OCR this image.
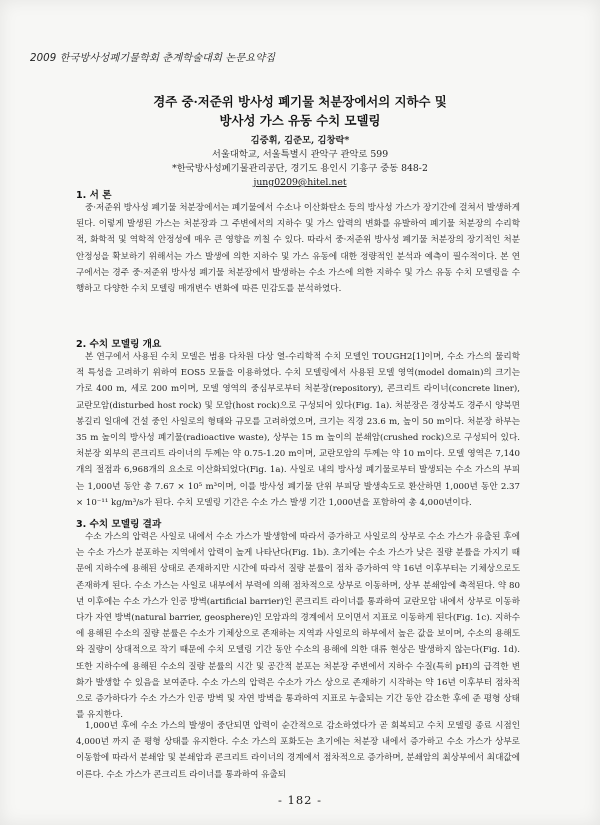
2009 한국방사성폐기물학회 춘계학술대회 논문요약집
경주 중·저준위 방사성 폐기물 처분장에서의 지하수 및
방사성 가스 유동 수치 모델링
김중휘, 김준모, 김창락*
서울대학교, 서울특별시 관악구 관악로 599
*한국방사성폐기물관리공단, 경기도 용인시 기흥구 중동 848-2
jung0209@hitel.net
1. 서 론

중·저준위 방사성 폐기물 처분장에서는 폐기물에서 수소나 이산화탄소 등의 방사성 가스가 장기간에 걸쳐서 발생하게 된다. 이렇게 발생된 가스는 처분장과 그 주변에서의 지하수 및 가스 압력의 변화를 유발하여 폐기물 처분장의 수리학적, 화학적 및 역학적 안정성에 매우 큰 영향을 끼칠 수 있다. 따라서 중·저준위 방사성 폐기물 처분장의 장기적인 처분 안정성을 확보하기 위해서는 가스 발생에 의한 지하수 및 가스 유동에 대한 정량적인 분석과 예측이 필수적이다. 본 연구에서는 경주 중·저준위 방사성 폐기물 처분장에서 발생하는 수소 가스에 의한 지하수 및 가스 유동 수치 모델링을 수행하고 다양한 수치 모델링 매개변수 변화에 따른 민감도를 분석하였다.

2. 수치 모델링 개요

본 연구에서 사용된 수치 모델은 범용 다차원 다상 열-수리학적 수치 모델인 TOUGH2[1]이며, 수소 가스의 물리학적 특성을 고려하기 위하여 EOS5 모듈을 이용하였다. 수치 모델링에서 사용된 모델 영역(model domain)의 크기는 가로 400 m, 세로 200 m이며, 모델 영역의 중심부로부터 처분장(repository), 콘크리트 라이너(concrete liner), 교란모암(disturbed host rock) 및 모암(host rock)으로 구성되어 있다(Fig. 1a). 처분장은 경상북도 경주시 양북면 봉길리 일대에 건설 중인 사일로의 형태와 규모를 고려하였으며, 크기는 직경 23.6 m, 높이 50 m이다. 처분장 하부는 35 m 높이의 방사성 폐기물(radioactive waste), 상부는 15 m 높이의 분쇄암(crushed rock)으로 구성되어 있다. 처분장 외부의 콘크리트 라이너의 두께는 약 0.75-1.20 m이며, 교란모암의 두께는 약 10 m이다. 모델 영역은 7,140개의 절점과 6,968개의 요소로 이산화되었다(Fig. 1a). 사일로 내의 방사성 폐기물로부터 발생되는 수소 가스의 부피는 1,000년 동안 총 7.67 × 10⁵ m³이며, 이를 방사성 폐기물 단위 부피당 발생속도로 환산하면 1,000년 동안 2.37 × 10⁻¹¹ kg/m³/s가 된다. 수치 모델링 기간은 수소 가스 발생 기간 1,000년을 포함하여 총 4,000년이다.

3. 수치 모델링 결과

수소 가스의 압력은 사일로 내에서 수소 가스가 발생함에 따라서 증가하고 사일로의 상부로 수소 가스가 유출된 후에는 수소 가스가 분포하는 지역에서 압력이 높게 나타난다(Fig. 1b). 초기에는 수소 가스가 낮은 질량 분률을 가지기 때문에 지하수에 용해된 상태로 존재하지만 시간에 따라서 질량 분률이 점차 증가하여 약 16년 이후부터는 기체상으로도 존재하게 된다. 수소 가스는 사일로 내부에서 부력에 의해 점차적으로 상부로 이동하며, 상부 분쇄암에 축적된다. 약 80년 이후에는 수소 가스가 인공 방벽(artificial barrier)인 콘크리트 라이너를 통과하여 교란모암 내에서 상부로 이동하다가 자연 방벽(natural barrier, geosphere)인 모암과의 경계에서 모이면서 지표로 이동하게 된다(Fig. 1c). 지하수에 용해된 수소의 질량 분률은 수소가 기체상으로 존재하는 지역과 사일로의 하부에서 높은 값을 보이며, 수소의 용해도와 질량이 상대적으로 작기 때문에 수치 모델링 기간 동안 수소의 용해에 의한 대류 현상은 발생하지 않는다(Fig. 1d). 또한 지하수에 용해된 수소의 질량 분률의 시간 및 공간적 분포는 처분장 주변에서 지하수 수질(특히 pH)의 급격한 변화가 발생할 수 있음을 보여준다. 수소 가스의 압력은 수소가 가스 상으로 존재하기 시작하는 약 16년 이후부터 점차적으로 증가하다가 수소 가스가 인공 방벽 및 자연 방벽을 통과하여 지표로 누출되는 기간 동안 감소한 후에 준 평형 상태를 유지한다.

1,000년 후에 수소 가스의 발생이 중단되면 압력이 순간적으로 감소하였다가 곧 회복되고 수치 모델링 종료 시점인 4,000년 까지 준 평형 상태를 유지한다. 수소 가스의 포화도는 초기에는 처분장 내에서 증가하고 수소 가스가 상부로 이동함에 따라서 분쇄암 및 분쇄암과 콘크리트 라이너의 경계에서 점차적으로 증가하며, 분쇄암의 최상부에서 최대값에 이른다. 수소 가스가 콘크리트 라이너를 통과하여 유출되

- 182 -
